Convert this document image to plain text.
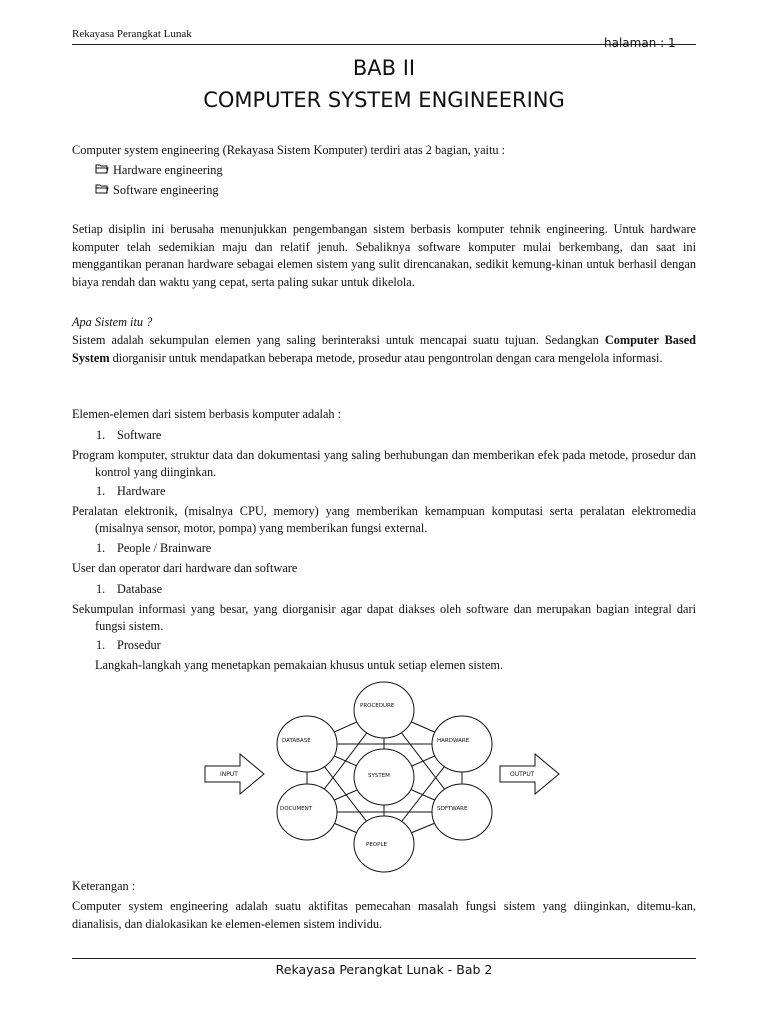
Rekayasa Perangkat Lunak
halaman : 1
BAB II
COMPUTER SYSTEM ENGINEERING
Computer system engineering (Rekayasa Sistem Komputer) terdiri atas 2 bagian, yaitu :
Hardware engineering
Software engineering
Setiap disiplin ini berusaha menunjukkan pengembangan sistem berbasis komputer tehnik engineering. Untuk hardware komputer telah sedemikian maju dan relatif jenuh. Sebaliknya software komputer mulai berkembang, dan saat ini menggantikan peranan hardware sebagai elemen sistem yang sulit direncanakan, sedikit kemung-kinan untuk berhasil dengan biaya rendah dan waktu yang cepat, serta paling sukar untuk dikelola.
Apa Sistem itu ?
Sistem adalah sekumpulan elemen yang saling berinteraksi untuk mencapai suatu tujuan. Sedangkan Computer Based System diorganisir untuk mendapatkan beberapa metode, prosedur atau pengontrolan dengan cara mengelola informasi.
Elemen-elemen dari sistem berbasis komputer adalah :
1. Software
Program komputer, struktur data dan dokumentasi yang saling berhubungan dan memberikan efek pada metode, prosedur dan kontrol yang diinginkan.
1. Hardware
Peralatan elektronik, (misalnya CPU, memory) yang memberikan kemampuan komputasi serta peralatan elektromedia (misalnya sensor, motor, pompa) yang memberikan fungsi external.
1. People / Brainware
User dan operator dari hardware dan software
1. Database
Sekumpulan informasi yang besar, yang diorganisir agar dapat diakses oleh software dan merupakan bagian integral dari fungsi sistem.
1. Prosedur
Langkah-langkah yang menetapkan pemakaian khusus untuk setiap elemen sistem.
PROCEDURE
DATABASE	HARDWARE
SYSTEM
DOCUMENT	SOFTWARE
PEOPLE
INPUT	OUTPUT
Keterangan :
Computer system engineering adalah suatu aktifitas pemecahan masalah fungsi sistem yang diinginkan, ditemu-kan, dianalisis, dan dialokasikan ke elemen-elemen sistem individu.
Rekayasa Perangkat Lunak - Bab 2
